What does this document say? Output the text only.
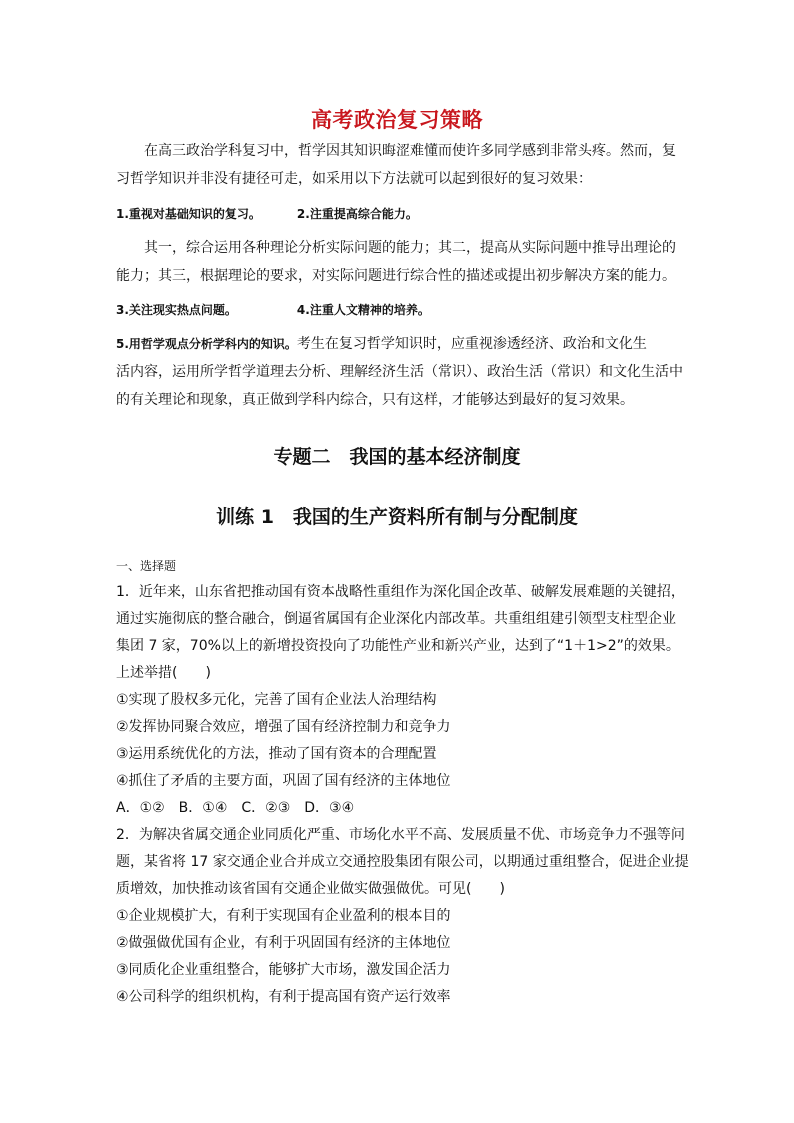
高考政治复习策略
在高三政治学科复习中，哲学因其知识晦涩难懂而使许多同学感到非常头疼。然而，复
习哲学知识并非没有捷径可走，如采用以下方法就可以起到很好的复习效果：
1.重视对基础知识的复习。	2.注重提高综合能力。
其一，综合运用各种理论分析实际问题的能力；其二，提高从实际问题中推导出理论的
能力；其三，根据理论的要求，对实际问题进行综合性的描述或提出初步解决方案的能力。
3.关注现实热点问题。	4.注重人文精神的培养。
5.用哲学观点分析学科内的知识。考生在复习哲学知识时，应重视渗透经济、政治和文化生
活内容，运用所学哲学道理去分析、理解经济生活（常识）、政治生活（常识）和文化生活中
的有关理论和现象，真正做到学科内综合，只有这样，才能够达到最好的复习效果。
专题二　我国的基本经济制度
训练 1　我国的生产资料所有制与分配制度
一、选择题
1．近年来，山东省把推动国有资本战略性重组作为深化国企改革、破解发展难题的关键招，
通过实施彻底的整合融合，倒逼省属国有企业深化内部改革。共重组组建引领型支柱型企业
集团 7 家，70%以上的新增投资投向了功能性产业和新兴产业，达到了“1＋1>2”的效果。
上述举措(　　)
①实现了股权多元化，完善了国有企业法人治理结构
②发挥协同聚合效应，增强了国有经济控制力和竞争力
③运用系统优化的方法，推动了国有资本的合理配置
④抓住了矛盾的主要方面，巩固了国有经济的主体地位
A．①②　B．①④　C．②③　D．③④
2．为解决省属交通企业同质化严重、市场化水平不高、发展质量不优、市场竞争力不强等问
题，某省将 17 家交通企业合并成立交通控股集团有限公司，以期通过重组整合，促进企业提
质增效，加快推动该省国有交通企业做实做强做优。可见(　　)
①企业规模扩大，有利于实现国有企业盈利的根本目的
②做强做优国有企业，有利于巩固国有经济的主体地位
③同质化企业重组整合，能够扩大市场，激发国企活力
④公司科学的组织机构，有利于提高国有资产运行效率
